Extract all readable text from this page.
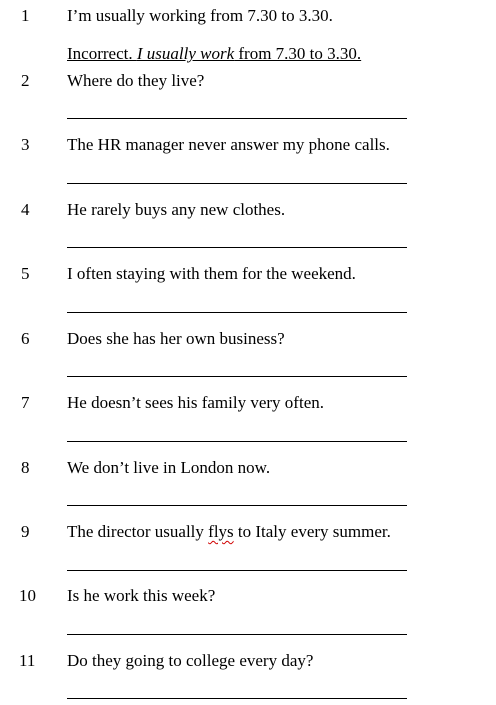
1 I’m usually working from 7.30 to 3.30.
Incorrect. I usually work from 7.30 to 3.30.
2 Where do they live?
3 The HR manager never answer my phone calls.
4 He rarely buys any new clothes.
5 I often staying with them for the weekend.
6 Does she has her own business?
7 He doesn’t sees his family very often.
8 We don’t live in London now.
9 The director usually flys to Italy every summer.
10 Is he work this week?
11 Do they going to college every day?
